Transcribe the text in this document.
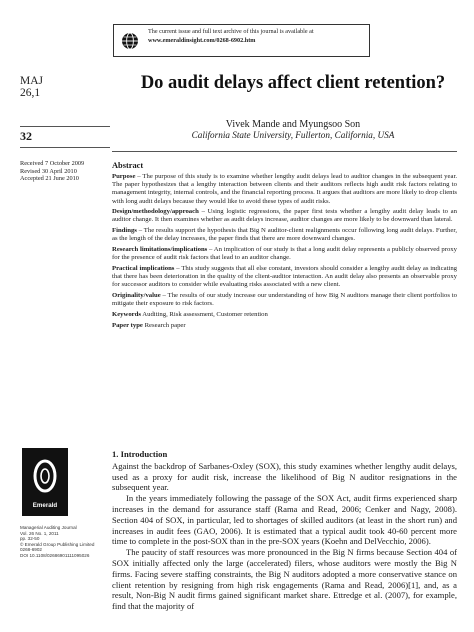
The current issue and full text archive of this journal is available at
www.emeraldinsight.com/0268-6902.htm
MAJ
26,1
32
Received 7 October 2009
Revised 30 April 2010
Accepted 21 June 2010
Do audit delays affect client retention?
Vivek Mande and Myungsoo Son
California State University, Fullerton, California, USA
Abstract

Purpose – The purpose of this study is to examine whether lengthy audit delays lead to auditor changes in the subsequent year. The paper hypothesizes that a lengthy interaction between clients and their auditors reflects high audit risk factors relating to management integrity, internal controls, and the financial reporting process. It argues that auditors are more likely to drop clients with long audit delays because they would like to avoid these types of audit risks.

Design/methodology/approach – Using logistic regressions, the paper first tests whether a lengthy audit delay leads to an auditor change. It then examines whether as audit delays increase, auditor changes are more likely to be downward than lateral.

Findings – The results support the hypothesis that Big N auditor-client realignments occur following long audit delays. Further, as the length of the delay increases, the paper finds that there are more downward changes.

Research limitations/implications – An implication of our study is that a long audit delay represents a publicly observed proxy for the presence of audit risk factors that lead to an auditor change.

Practical implications – This study suggests that all else constant, investors should consider a lengthy audit delay as indicating that there has been deterioration in the quality of the client-auditor interaction. An audit delay also presents an observable proxy for successor auditors to consider while evaluating risks associated with a new client.

Originality/value – The results of our study increase our understanding of how Big N auditors manage their client portfolios to mitigate their exposure to risk factors.

Keywords Auditing, Risk assessment, Customer retention

Paper type Research paper

1. Introduction

Against the backdrop of Sarbanes-Oxley (SOX), this study examines whether lengthy audit delays, used as a proxy for audit risk, increase the likelihood of Big N auditor resignations in the subsequent year.

In the years immediately following the passage of the SOX Act, audit firms experienced sharp increases in the demand for assurance staff (Rama and Read, 2006; Cenker and Nagy, 2008). Section 404 of SOX, in particular, led to shortages of skilled auditors (at least in the short run) and increases in audit fees (GAO, 2006). It is estimated that a typical audit took 40-60 percent more time to complete in the post-SOX than in the pre-SOX years (Koehn and DelVecchio, 2006).

The paucity of staff resources was more pronounced in the Big N firms because Section 404 of SOX initially affected only the large (accelerated) filers, whose auditors were mostly the Big N firms. Facing severe staffing constraints, the Big N auditors adopted a more conservative stance on client retention by resigning from high risk engagements (Rama and Read, 2006)[1], and, as a result, Non-Big N audit firms gained significant market share. Ettredge et al. (2007), for example, find that the majority of

Emerald
Managerial Auditing Journal
Vol. 26 No. 1, 2011
pp. 32-50
© Emerald Group Publishing Limited
0268-6902
DOI 10.1108/02686901111095026
